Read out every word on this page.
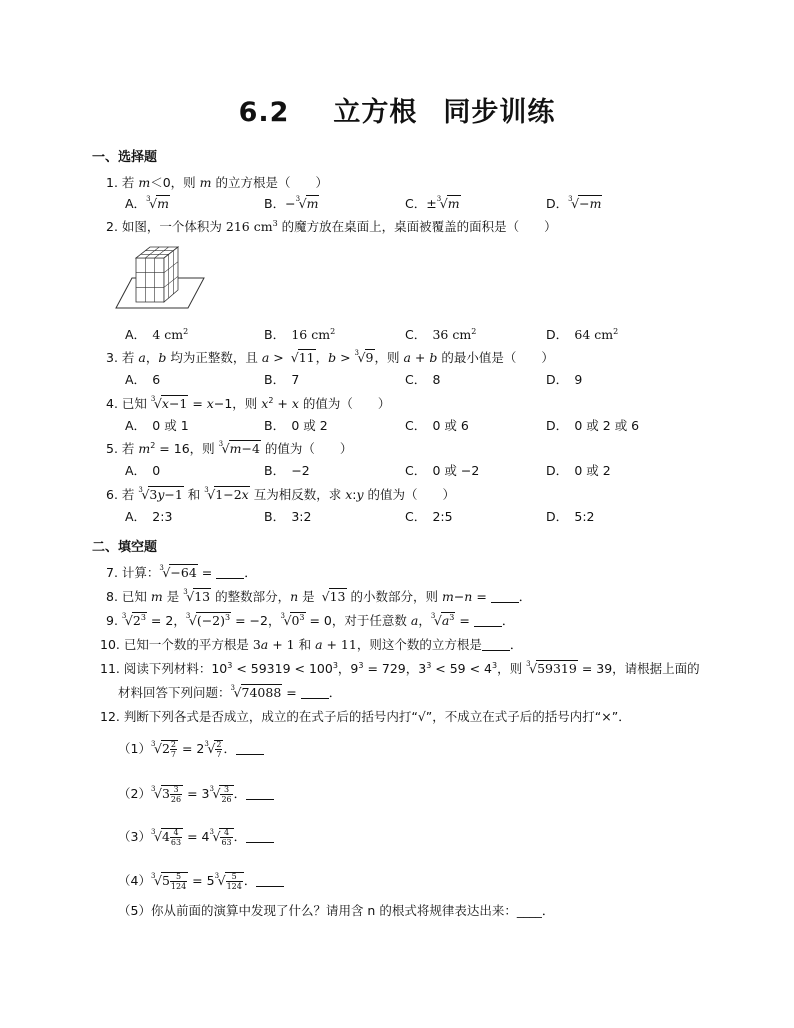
6.2 立方根 同步训练
一、选择题
1. 若 m＜0，则 m 的立方根是（　　）
A． 3
√ m	B．− 3
√ m	C．± 3
√ m	D． 3
√ −m
2. 如图，一个体积为 216 $cm^3$ 的魔方放在桌面上，桌面被覆盖的面积是（　　）
A．　4 $cm^2$	B．　16 $cm^2$	C．　36 $cm^2$	D．　64 $cm^2$
3. 若 a，b 均为正整数，且 a > √ 11，b > 3
√ 9，则 a + b 的最小值是（　　）
A．　6	B．　7	C．　8	D．　9
4. 已知 3
√ x−1 = x−1，则 $x^2 + x$ 的值为（　　）
A．　0 或 1	B．　0 或 2	C．　0 或 6	D．　0 或 2 或 6
5. 若 $m^2 = 16$，则 3
√ m−4 的值为（　　）
A．　0	B．　−2	C．　0 或 −2	D．　0 或 2
6. 若 3
√ 3y−1 和 3
√ 1−2x 互为相反数，求 x:y 的值为（　　）
A．　2:3	B．　3:2	C．　2:5	D．　5:2
二、填空题
7. 计算： 3
√ −64 = ．
8. 已知 m 是 3
√ 13 的整数部分，n 是 √ 13 的小数部分，则 m−n = ．
9. 3
√ $2^3 = 2$， 3
√ $(-2)^3 = -2$， 3
√ $0^3 = 0$，对于任意数 a， 3
√ $a^3$ = ．
10. 已知一个数的平方根是 3a + 1 和 a + 11，则这个数的立方根是 ．
11. 阅读下列材料：$10^3 < 59319 < 100^3$，$9^3 = 729$，$3^3 < 59 < 4^3$，则 3
√ 59319 = 39，请根据上面的
材料回答下列问题： 3
√ 74088 = ．
12. 判断下列各式是否成立，成立的在式子后的括号内打“√”，不成立在式子后的括号内打“×”．
（1） 3
√ $2 \frac{2}{7} = 2$ 3
√ $\frac{2}{7}$ ．
（2） 3
√ $3 \frac{3}{26} = 3$ 3
√ $\frac{3}{26}$ ．
（3） 3
√ $4 \frac{4}{63} = 4$ 3
√ $\frac{4}{63}$ ．
（4） 3
√ $5 \frac{5}{124} = 5$ 3
√ $\frac{5}{124}$ ．
（5）你从前面的演算中发现了什么？请用含 n 的根式将规律表达出来：____．
